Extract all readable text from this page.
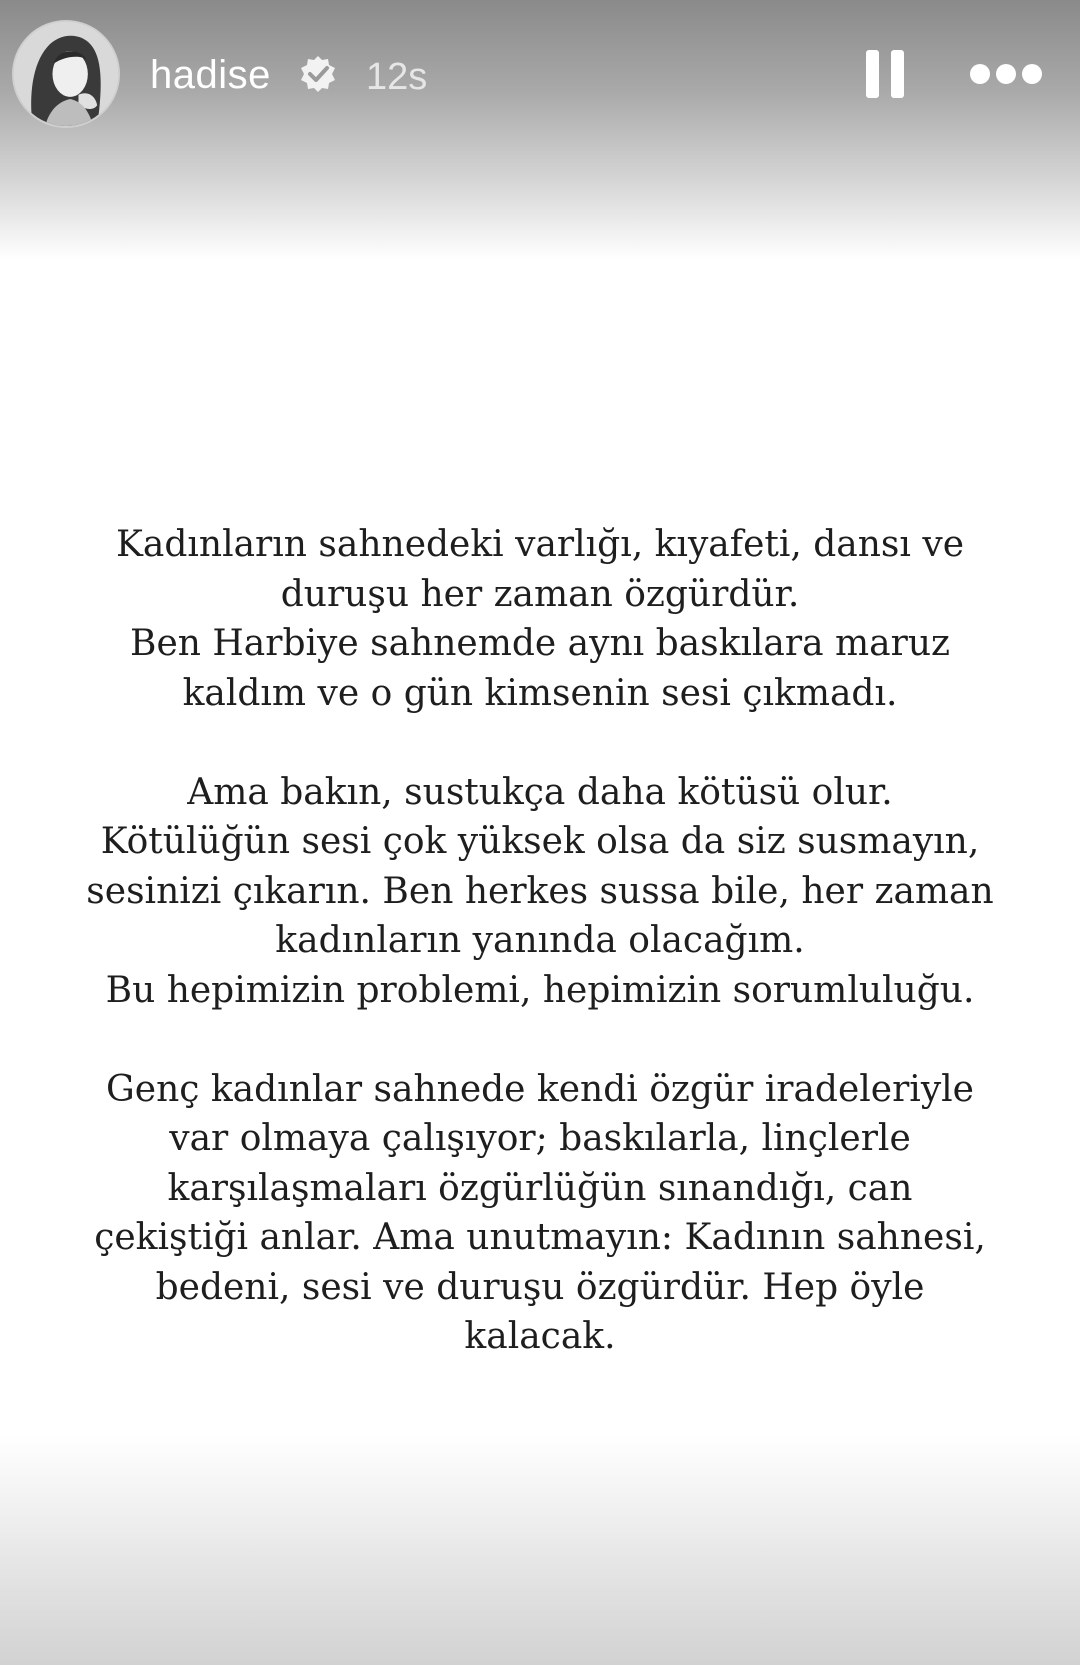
hadise	12s

Kadınların sahnedeki varlığı, kıyafeti, dansı ve
duruşu her zaman özgürdür.
Ben Harbiye sahnemde aynı baskılara maruz
kaldım ve o gün kimsenin sesi çıkmadı.

Ama bakın, sustukça daha kötüsü olur.
Kötülüğün sesi çok yüksek olsa da siz susmayın,
sesinizi çıkarın. Ben herkes sussa bile, her zaman
kadınların yanında olacağım.
Bu hepimizin problemi, hepimizin sorumluluğu.

Genç kadınlar sahnede kendi özgür iradeleriyle
var olmaya çalışıyor; baskılarla, linçlerle
karşılaşmaları özgürlüğün sınandığı, can
çekiştiği anlar. Ama unutmayın: Kadının sahnesi,
bedeni, sesi ve duruşu özgürdür. Hep öyle
kalacak.
